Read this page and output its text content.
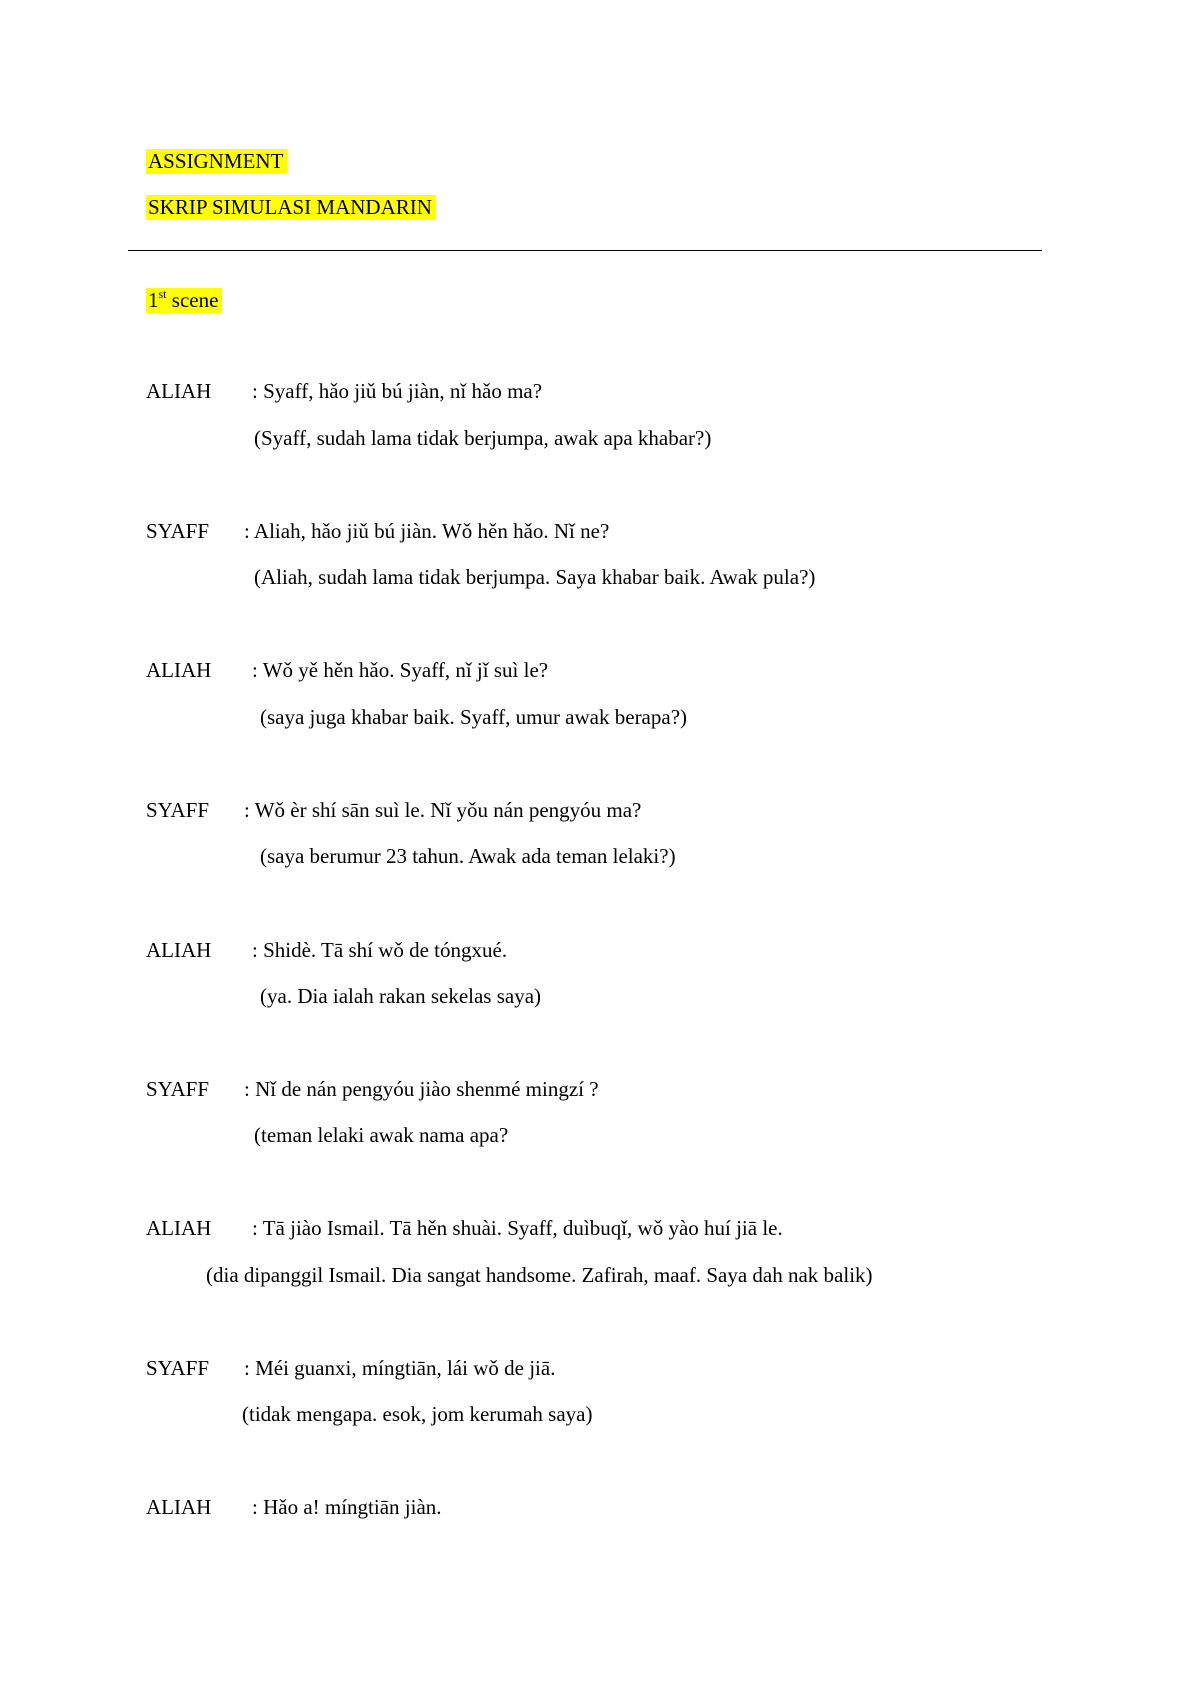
ASSIGNMENT
SKRIP SIMULASI MANDARIN
1st scene
ALIAH : Syaff, hǎo jiǔ bú jiàn, nǐ hǎo ma?
(Syaff, sudah lama tidak berjumpa, awak apa khabar?)
SYAFF : Aliah, hǎo jiǔ bú jiàn. Wǒ hěn hǎo. Nǐ ne?
(Aliah, sudah lama tidak berjumpa. Saya khabar baik. Awak pula?)
ALIAH : Wǒ yě hěn hǎo. Syaff, nǐ jǐ suì le?
(saya juga khabar baik. Syaff, umur awak berapa?)
SYAFF : Wǒ èr shí sān suì le. Nǐ yǒu nán pengyóu ma?
(saya berumur 23 tahun. Awak ada teman lelaki?)
ALIAH : Shidè. Tā shí wǒ de tóngxué.
(ya. Dia ialah rakan sekelas saya)
SYAFF : Nǐ de nán pengyóu jiào shenmé mingzí ?
(teman lelaki awak nama apa?
ALIAH : Tā jiào Ismail. Tā hěn shuài. Syaff, duìbuqǐ, wǒ yào huí jiā le.
(dia dipanggil Ismail. Dia sangat handsome. Zafirah, maaf. Saya dah nak balik)
SYAFF : Méi guanxi, míngtiān, lái wǒ de jiā.
(tidak mengapa. esok, jom kerumah saya)
ALIAH : Hǎo a! míngtiān jiàn.
